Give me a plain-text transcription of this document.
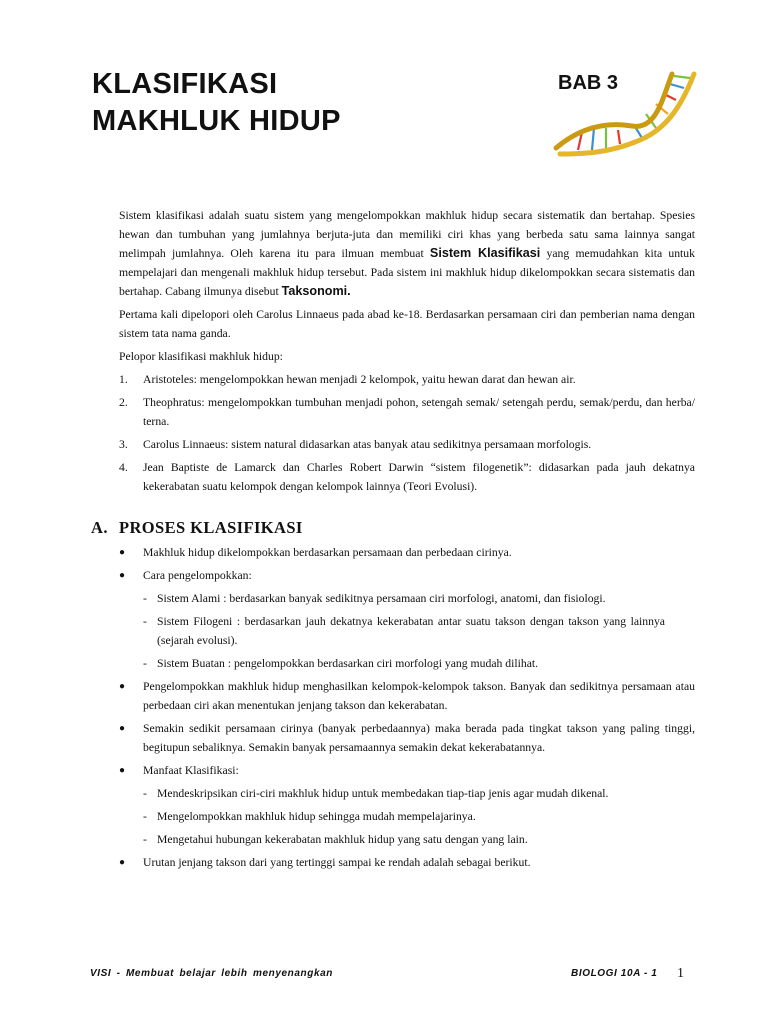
KLASIFIKASI
MAKHLUK HIDUP
BAB 3

Sistem klasifikasi adalah suatu sistem yang mengelompokkan makhluk hidup secara sistematik dan bertahap. Spesies hewan dan tumbuhan yang jumlahnya berjuta-juta dan memiliki ciri khas yang berbeda satu sama lainnya sangat melimpah jumlahnya. Oleh karena itu para ilmuan membuat Sistem Klasifikasi yang memudahkan kita untuk mempelajari dan mengenali makhluk hidup tersebut. Pada sistem ini makhluk hidup dikelompokkan secara sistematis dan bertahap. Cabang ilmunya disebut Taksonomi.

Pertama kali dipelopori oleh Carolus Linnaeus pada abad ke-18. Berdasarkan persamaan ciri dan pemberian nama dengan sistem tata nama ganda.

Pelopor klasifikasi makhluk hidup:

1. Aristoteles: mengelompokkan hewan menjadi 2 kelompok, yaitu hewan darat dan hewan air.
2. Theophratus: mengelompokkan tumbuhan menjadi pohon, setengah semak/ setengah perdu, semak/perdu, dan herba/ terna.
3. Carolus Linnaeus: sistem natural didasarkan atas banyak atau sedikitnya persamaan morfologis.
4. Jean Baptiste de Lamarck dan Charles Robert Darwin “sistem filogenetik”: didasarkan pada jauh dekatnya kekerabatan suatu kelompok dengan kelompok lainnya (Teori Evolusi).
A. PROSES KLASIFIKASI
● Makhluk hidup dikelompokkan berdasarkan persamaan dan perbedaan cirinya.
● Cara pengelompokkan:
- Sistem Alami : berdasarkan banyak sedikitnya persamaan ciri morfologi, anatomi, dan fisiologi.
- Sistem Filogeni : berdasarkan jauh dekatnya kekerabatan antar suatu takson dengan takson yang lainnya (sejarah evolusi).
- Sistem Buatan : pengelompokkan berdasarkan ciri morfologi yang mudah dilihat.
● Pengelompokkan makhluk hidup menghasilkan kelompok-kelompok takson. Banyak dan sedikitnya persamaan atau perbedaan ciri akan menentukan jenjang takson dan kekerabatan.
● Semakin sedikit persamaan cirinya (banyak perbedaannya) maka berada pada tingkat takson yang paling tinggi, begitupun sebaliknya. Semakin banyak persamaannya semakin dekat kekerabatannya.
● Manfaat Klasifikasi:
- Mendeskripsikan ciri-ciri makhluk hidup untuk membedakan tiap-tiap jenis agar mudah dikenal.
- Mengelompokkan makhluk hidup sehingga mudah mempelajarinya.
- Mengetahui hubungan kekerabatan makhluk hidup yang satu dengan yang lain.
● Urutan jenjang takson dari yang tertinggi sampai ke rendah adalah sebagai berikut.
VISI - Membuat belajar lebih menyenangkan	BIOLOGI 10A - 1 1
